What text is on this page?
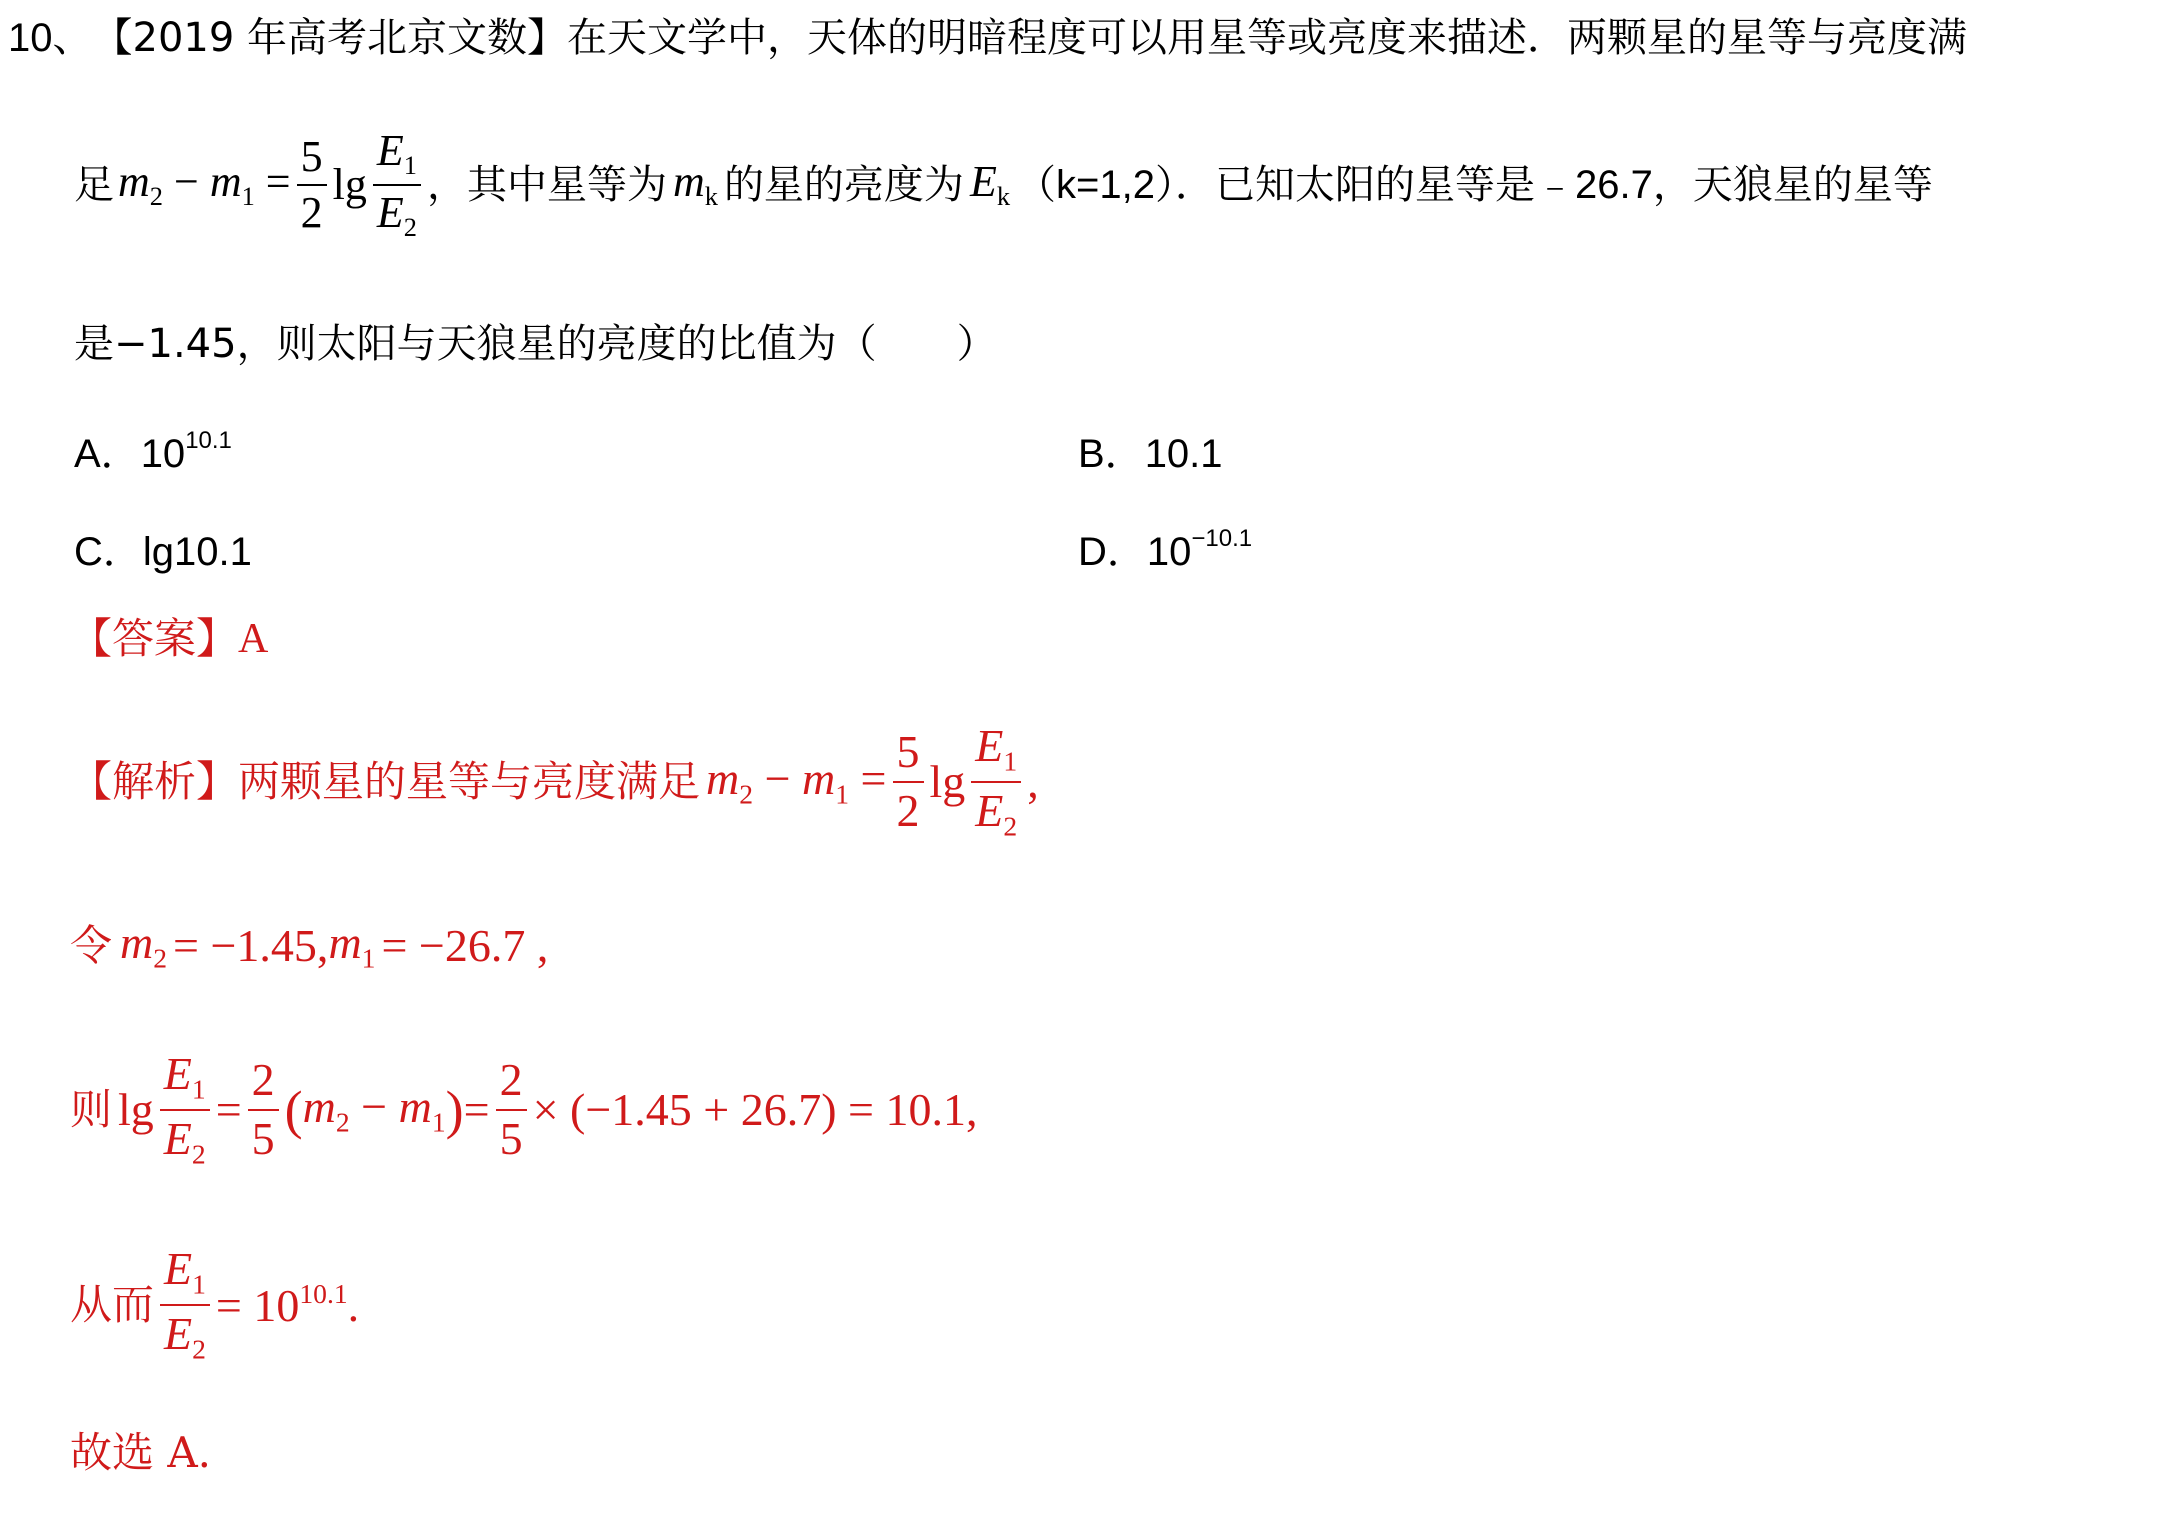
10、 【2019 年高考北京文数】 在天文学中，天体的明暗程度可以用星等或亮度来描述．两颗星的星等与亮度满
足 $m_2 - m_1 = \frac{5}{2}$ $\lg \frac{E_1}{E_2}$ ，其中星等为 $m_k$ 的星的亮度为 $E_k$ （k=1,2）．已知太阳的星等是﹣26.7，天狼星的星等
是−1.45，则太阳与天狼星的亮度的比值为（　　）
A．$10^{10.1}$	B．10.1
C．lg10.1	D．$10^{-10.1}$
【答案】 A
【解析】 两颗星的星等与亮度满足 $m_2 - m_1 = \frac{5}{2}$ $\lg \frac{E_1}{E_2}$ ,
令 $m_2 = -1.45$, $m_1 = -26.7$ ,
则 $\lg \frac{E_1}{E_2} = \frac{2}{5}$ ( $m_2 - m_1$ ) = $\frac{2}{5} \times (-1.45 + 26.7) = 10.1$,
从而 $\frac{E_1}{E_2} = 10^{10.1}$.
故选 A.
